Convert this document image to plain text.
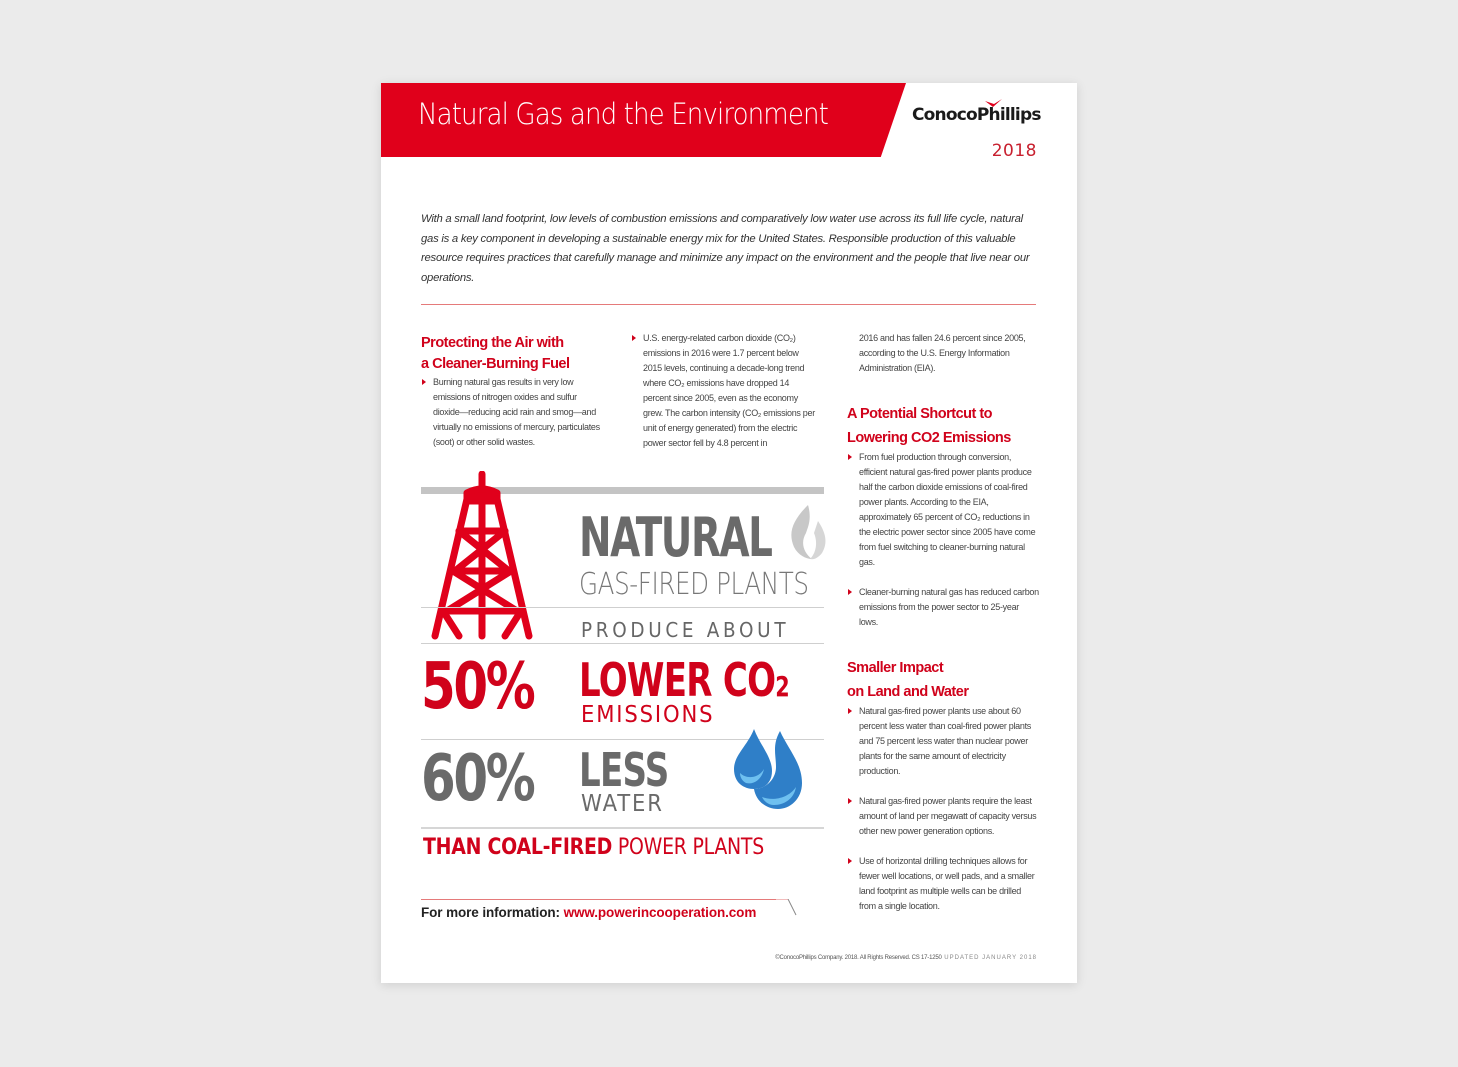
Natural Gas and the Environment	ConocoPhillips
2018
With a small land footprint, low levels of combustion emissions and comparatively low water use across its full life cycle, natural gas is a key component in developing a sustainable energy mix for the United States. Responsible production of this valuable resource requires practices that carefully manage and minimize any impact on the environment and the people that live near our operations.
Protecting the Air with
a Cleaner-Burning Fuel
Burning natural gas results in very low emissions of nitrogen oxides and sulfur dioxide—reducing acid rain and smog—and virtually no emissions of mercury, particulates (soot) or other solid wastes.
U.S. energy-related carbon dioxide (CO₂) emissions in 2016 were 1.7 percent below 2015 levels, continuing a decade-long trend where CO₂ emissions have dropped 14 percent since 2005, even as the economy grew. The carbon intensity (CO₂ emissions per unit of energy generated) from the electric power sector fell by 4.8 percent in
2016 and has fallen 24.6 percent since 2005, according to the U.S. Energy Information Administration (EIA).
A Potential Shortcut to
Lowering CO2 Emissions
From fuel production through conversion, efficient natural gas-fired power plants produce half the carbon dioxide emissions of coal-fired power plants. According to the EIA, approximately 65 percent of CO₂ reductions in the electric power sector since 2005 have come from fuel switching to cleaner-burning natural gas.
Cleaner-burning natural gas has reduced carbon emissions from the power sector to 25-year lows.
Smaller Impact
on Land and Water
Natural gas-fired power plants use about 60 percent less water than coal-fired power plants and 75 percent less water than nuclear power plants for the same amount of electricity production.
Natural gas-fired power plants require the least amount of land per megawatt of capacity versus other new power generation options.
Use of horizontal drilling techniques allows for fewer well locations, or well pads, and a smaller land footprint as multiple wells can be drilled from a single location.
NATURAL
GAS-FIRED PLANTS
PRODUCE ABOUT
50% LOWER CO2
EMISSIONS
60% LESS
WATER
THAN COAL-FIRED POWER PLANTS
For more information: www.powerincooperation.com
©ConocoPhillips Company. 2018. All Rights Reserved. CS 17-1250 UPDATED JANUARY 2018
